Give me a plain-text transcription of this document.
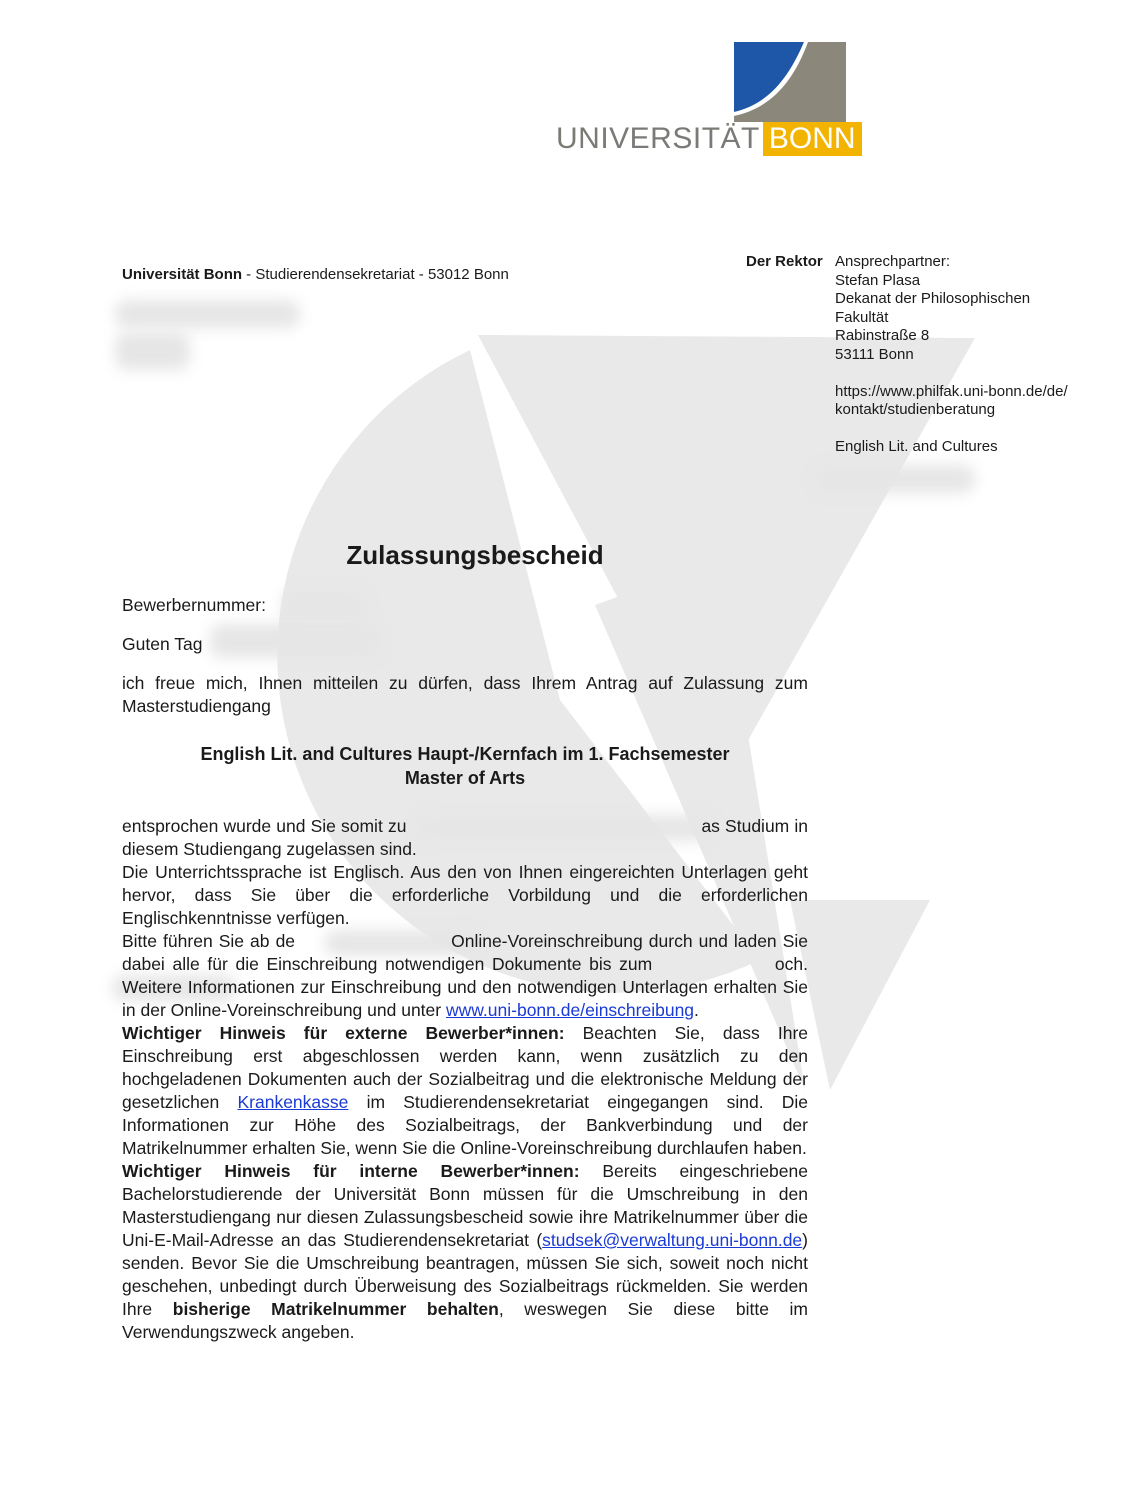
UNIVERSITÄT BONN
Universität Bonn - Studierendensekretariat - 53012 Bonn
Der Rektor Ansprechpartner:
Stefan Plasa
Dekanat der Philosophischen
Fakultät
Rabinstraße 8
53111 Bonn
https://www.philfak.uni-bonn.de/de/
kontakt/studienberatung
English Lit. and Cultures
Zulassungsbescheid
Bewerbernummer:
Guten Tag
ich freue mich, Ihnen mitteilen zu dürfen, dass Ihrem Antrag auf Zulassung zum Masterstudiengang
English Lit. and Cultures Haupt-/Kernfach im 1. Fachsemester
Master of Arts
entsprochen wurde und Sie somit zu	as Studium in diesem Studiengang zugelassen sind.
Die Unterrichtssprache ist Englisch. Aus den von Ihnen eingereichten Unterlagen geht hervor, dass Sie über die erforderliche Vorbildung und die erforderlichen Englischkenntnisse verfügen.
Bitte führen Sie ab de	Online-Voreinschreibung durch und laden Sie dabei alle für die Einschreibung notwendigen Dokumente bis zum	och. Weitere Informationen zur Einschreibung und den notwendigen Unterlagen erhalten Sie in der Online-Voreinschreibung und unter www.uni-bonn.de/einschreibung.
Wichtiger Hinweis für externe Bewerber*innen: Beachten Sie, dass Ihre Einschreibung erst abgeschlossen werden kann, wenn zusätzlich zu den hochgeladenen Dokumenten auch der Sozialbeitrag und die elektronische Meldung der gesetzlichen Krankenkasse im Studierendensekretariat eingegangen sind. Die Informationen zur Höhe des Sozialbeitrags, der Bankverbindung und der Matrikelnummer erhalten Sie, wenn Sie die Online-Voreinschreibung durchlaufen haben.
Wichtiger Hinweis für interne Bewerber*innen: Bereits eingeschriebene Bachelorstudierende der Universität Bonn müssen für die Umschreibung in den Masterstudiengang nur diesen Zulassungsbescheid sowie ihre Matrikelnummer über die Uni-E-Mail-Adresse an das Studierendensekretariat (studsek@verwaltung.uni-bonn.de) senden. Bevor Sie die Umschreibung beantragen, müssen Sie sich, soweit noch nicht geschehen, unbedingt durch Überweisung des Sozialbeitrags rückmelden. Sie werden Ihre bisherige Matrikelnummer behalten, weswegen Sie diese bitte im Verwendungszweck angeben.
